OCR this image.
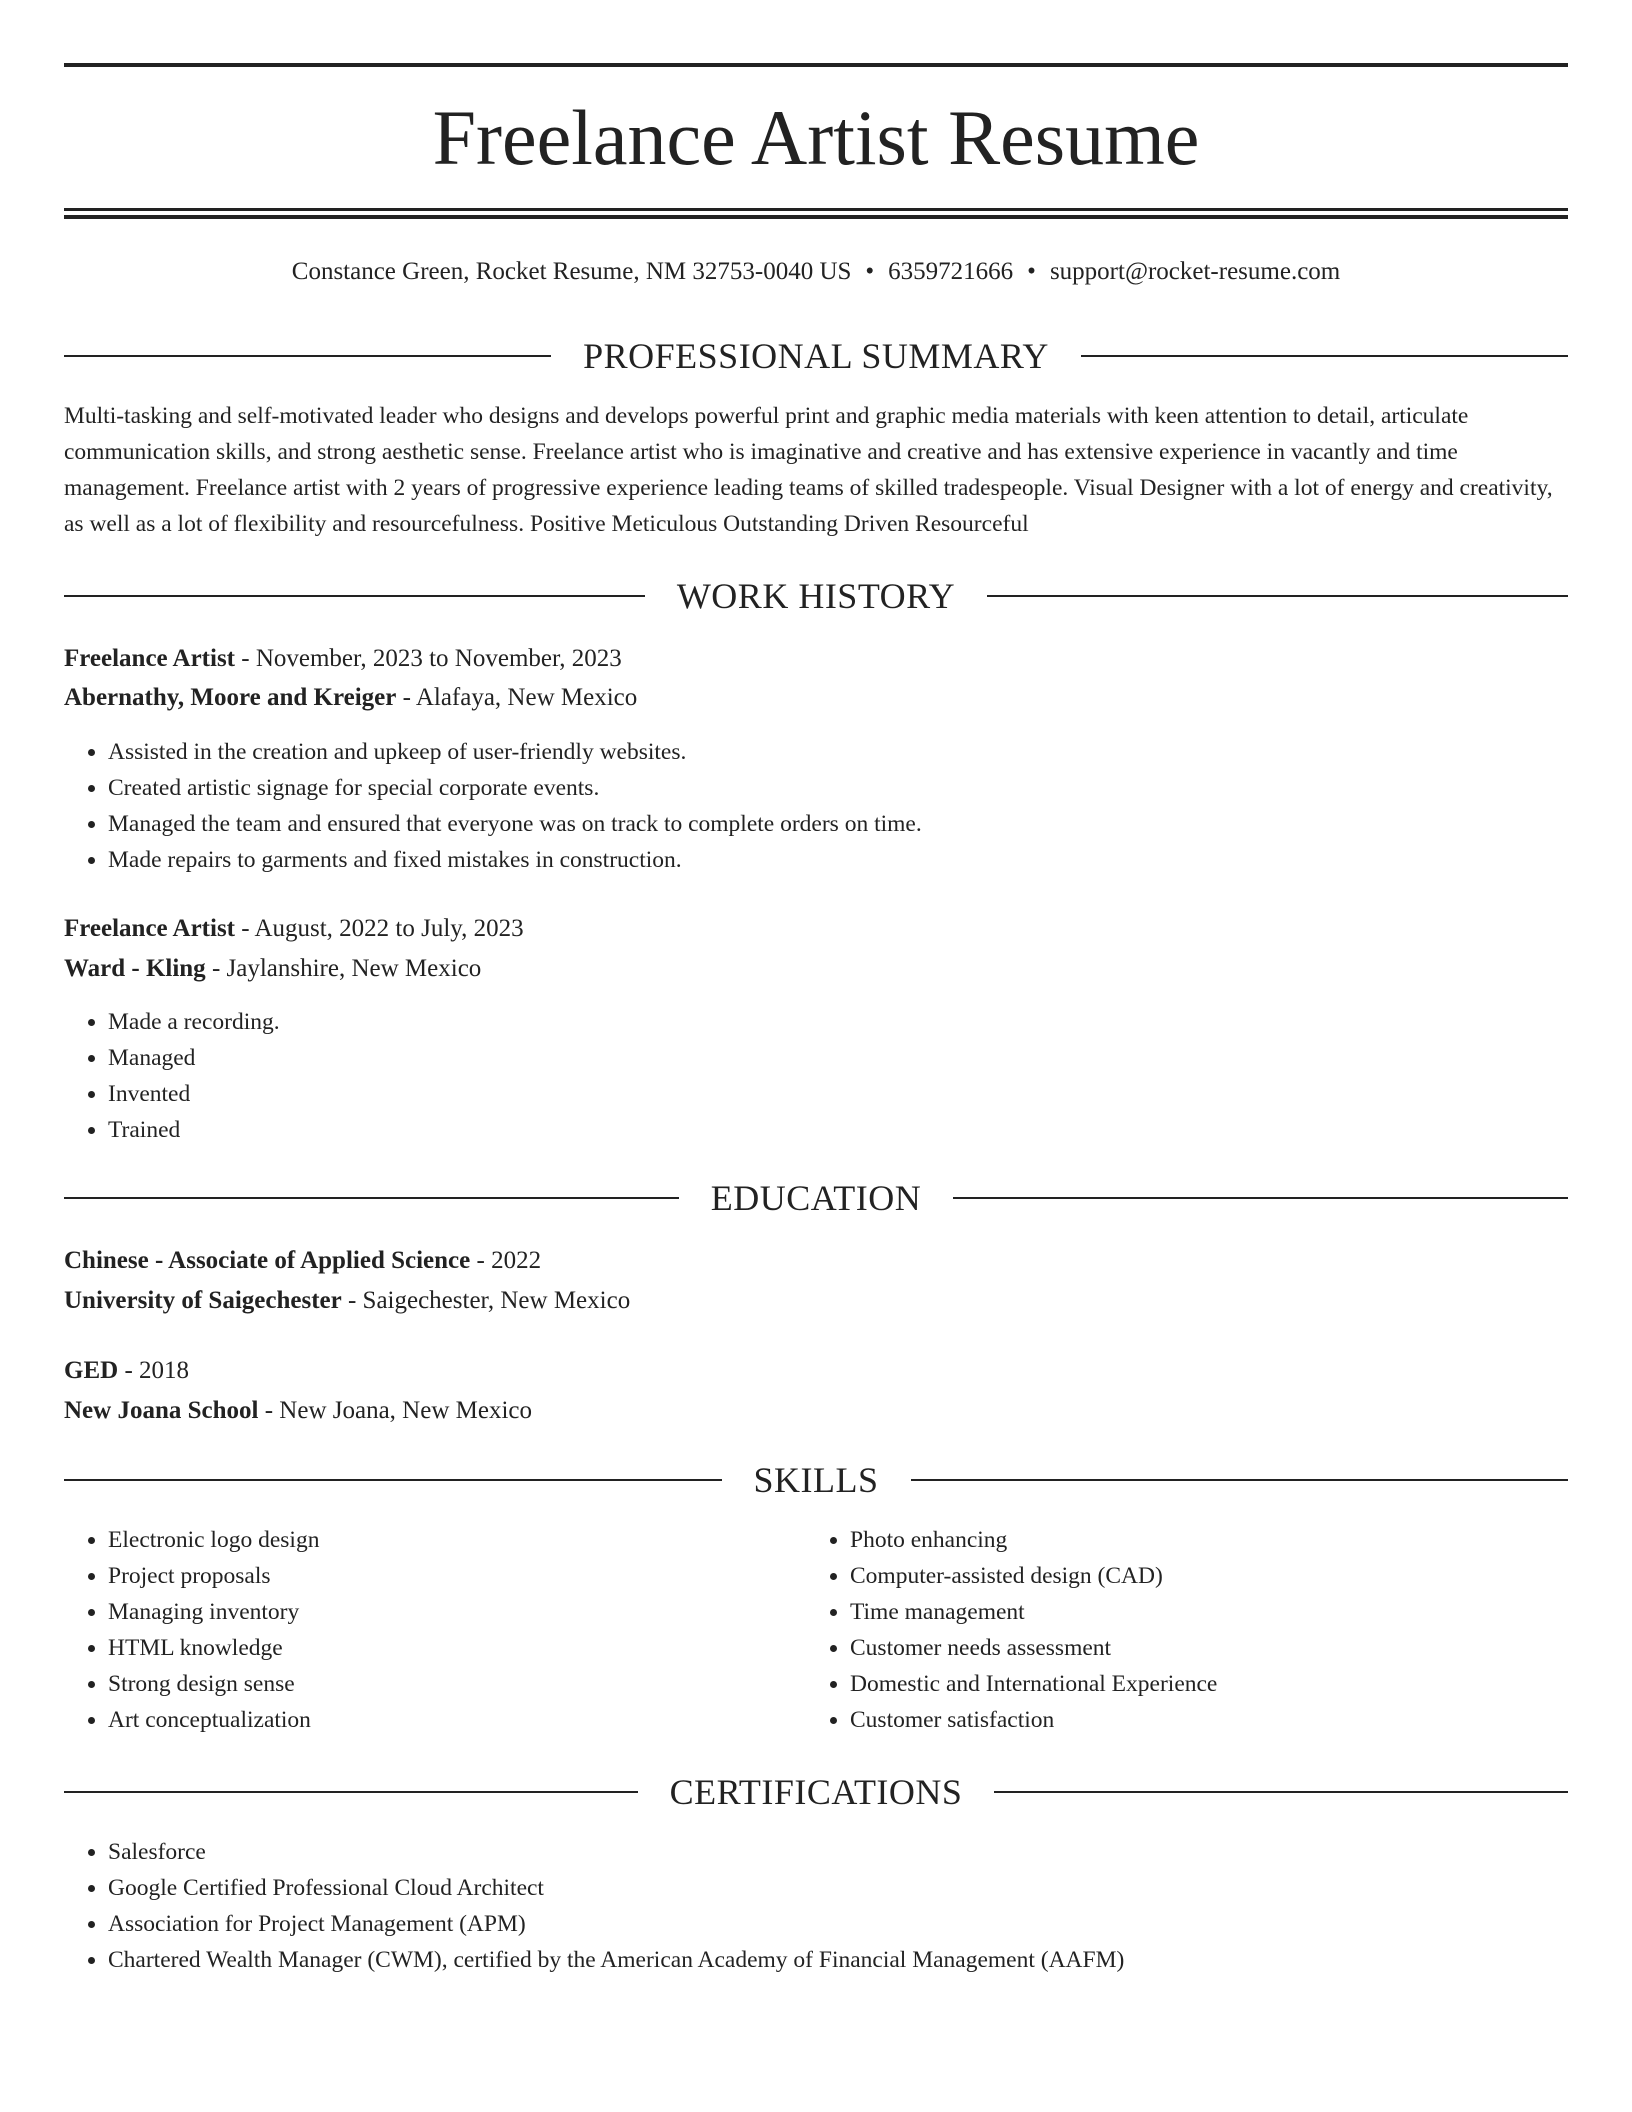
Freelance Artist Resume
Constance Green, Rocket Resume, NM 32753-0040 US • 6359721666 • support@rocket-resume.com
PROFESSIONAL SUMMARY
Multi-tasking and self-motivated leader who designs and develops powerful print and graphic media materials with keen attention to detail, articulate communication skills, and strong aesthetic sense. Freelance artist who is imaginative and creative and has extensive experience in vacantly and time management. Freelance artist with 2 years of progressive experience leading teams of skilled tradespeople. Visual Designer with a lot of energy and creativity, as well as a lot of flexibility and resourcefulness. Positive Meticulous Outstanding Driven Resourceful
WORK HISTORY
Freelance Artist - November, 2023 to November, 2023
Abernathy, Moore and Kreiger - Alafaya, New Mexico
• Assisted in the creation and upkeep of user-friendly websites.
• Created artistic signage for special corporate events.
• Managed the team and ensured that everyone was on track to complete orders on time.
• Made repairs to garments and fixed mistakes in construction.
Freelance Artist - August, 2022 to July, 2023
Ward - Kling - Jaylanshire, New Mexico
• Made a recording.
• Managed
• Invented
• Trained
EDUCATION
Chinese - Associate of Applied Science - 2022
University of Saigechester - Saigechester, New Mexico
GED - 2018
New Joana School - New Joana, New Mexico
SKILLS
• Electronic logo design
• Project proposals
• Managing inventory
• HTML knowledge
• Strong design sense
• Art conceptualization
• Photo enhancing
• Computer-assisted design (CAD)
• Time management
• Customer needs assessment
• Domestic and International Experience
• Customer satisfaction
CERTIFICATIONS
• Salesforce
• Google Certified Professional Cloud Architect
• Association for Project Management (APM)
• Chartered Wealth Manager (CWM), certified by the American Academy of Financial Management (AAFM)
